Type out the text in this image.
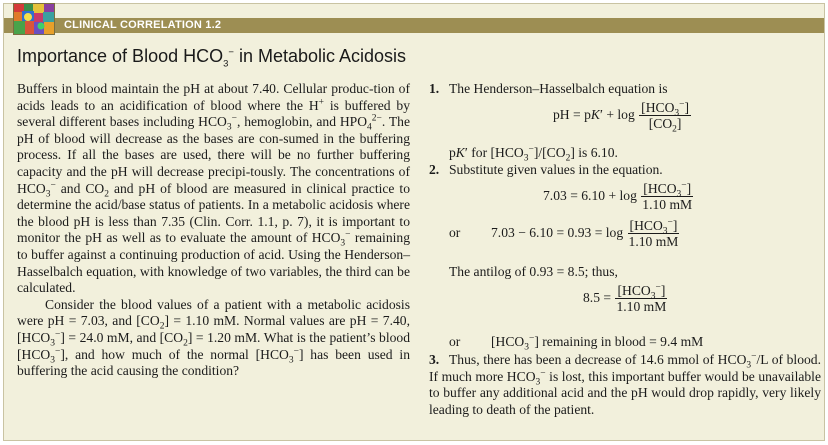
CLINICAL CORRELATION 1.2
Importance of Blood $HCO_3^-$ in Metabolic Acidosis

Buffers in blood maintain the pH at about 7.40. Cellular produc-tion of acids leads to an acidification of blood where the H+ is buffered by several different bases including $HCO_3^-$, hemoglobin, and $HPO_4^{2-}$. The pH of blood will decrease as the bases are con-sumed in the buffering process. If all the bases are used, there will be no further buffering capacity and the pH will decrease precipi-tously. The concentrations of $HCO_3^-$ and $CO_2$ and pH of blood are measured in clinical practice to determine the acid/base status of patients. In a metabolic acidosis where the blood pH is less than 7.35 (Clin. Corr. 1.1, p. 7), it is important to monitor the pH as well as to evaluate the amount of $HCO_3^-$ remaining to buffer against a continuing production of acid. Using the Henderson–Hasselbalch equation, with knowledge of two variables, the third can be calculated.

Consider the blood values of a patient with a metabolic acidosis were pH = 7.03, and $[CO_2] = 1.10$ mM. Normal values are pH = 7.40, $[HCO_3^-] = 24.0$ mM, and $[CO_2] = 1.20$ mM. What is the patient’s blood $[HCO_3^-]$, and how much of the normal $[HCO_3^-]$ has been used in buffering the acid causing the condition?

1. The Henderson–Hasselbalch equation is
pH = $pK' + \log \frac{[HCO_3^-]}{[CO_2]}$
pK′ for $[HCO_3^-]/[CO_2]$ is 6.10.
2. Substitute given values in the equation.
$7.03 = 6.10 + \log \frac{[HCO_3^-]}{1.10 mM}$
or $7.03 - 6.10 = 0.93 = \log \frac{[HCO_3^-]}{1.10 mM}$
The antilog of 0.93 = 8.5; thus,
$8.5 = \frac{[HCO_3^-]}{1.10 mM}$
or $[HCO_3^-]$ remaining in blood = 9.4 mM

3. Thus, there has been a decrease of 14.6 mmol of $HCO_3^-/L$ of blood. If much more $HCO_3^-$ is lost, this important buffer would be unavailable to buffer any additional acid and the pH would drop rapidly, very likely leading to death of the patient.
